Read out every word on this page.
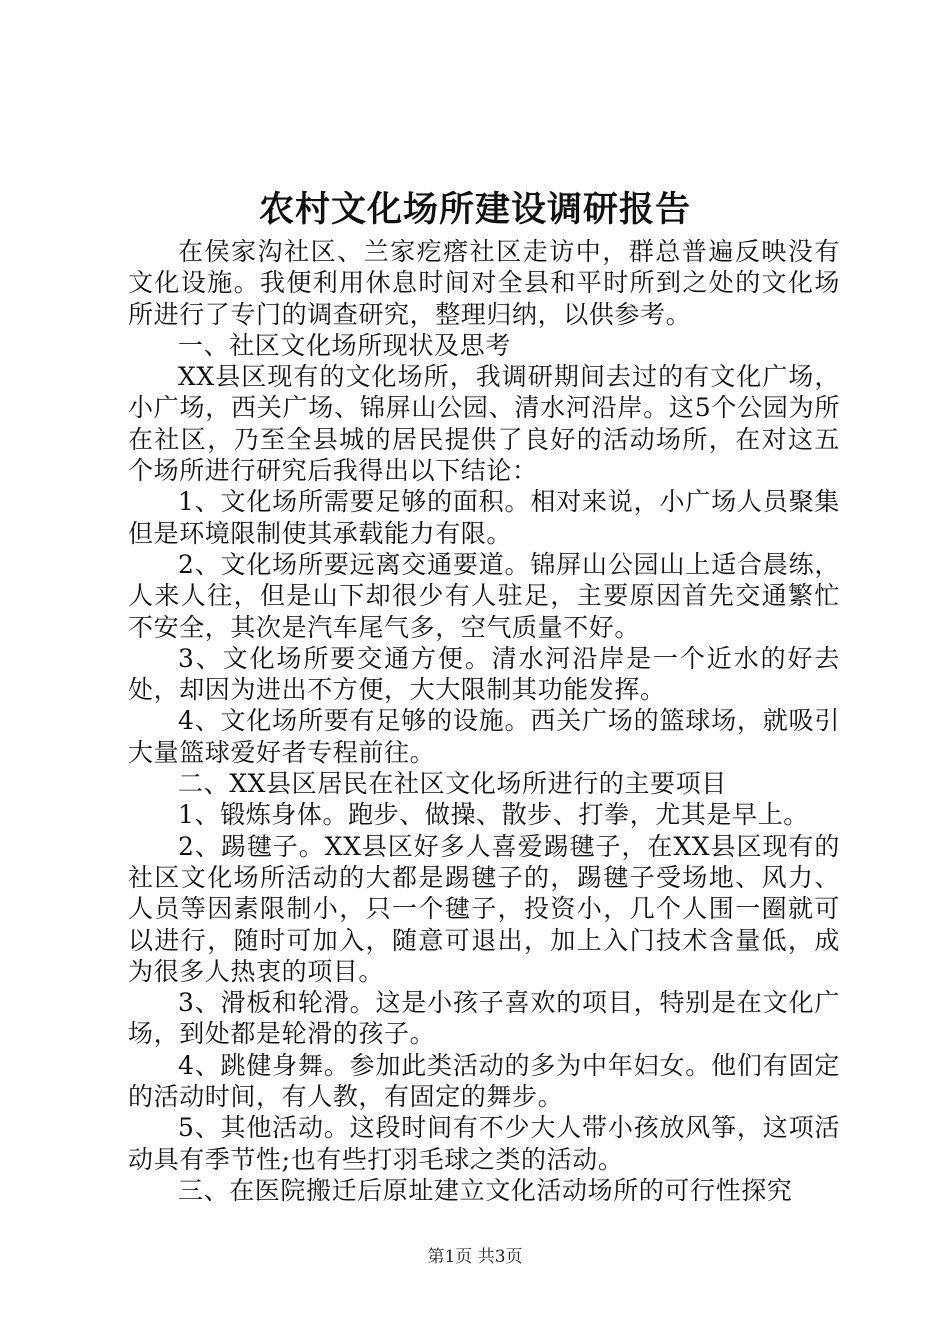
农村文化场所建设调研报告

在侯家沟社区、兰家疙瘩社区走访中，群总普遍反映没有文化设施。我便利用休息时间对全县和平时所到之处的文化场所进行了专门的调查研究，整理归纳，以供参考。

一、社区文化场所现状及思考

XX县区现有的文化场所，我调研期间去过的有文化广场，小广场，西关广场、锦屏山公园、清水河沿岸。这5个公园为所在社区，乃至全县城的居民提供了良好的活动场所，在对这五个场所进行研究后我得出以下结论：

1、文化场所需要足够的面积。相对来说，小广场人员聚集但是环境限制使其承载能力有限。

2、文化场所要远离交通要道。锦屏山公园山上适合晨练，人来人往，但是山下却很少有人驻足，主要原因首先交通繁忙不安全，其次是汽车尾气多，空气质量不好。

3、文化场所要交通方便。清水河沿岸是一个近水的好去处，却因为进出不方便，大大限制其功能发挥。

4、文化场所要有足够的设施。西关广场的篮球场，就吸引大量篮球爱好者专程前往。

二、XX县区居民在社区文化场所进行的主要项目

1、锻炼身体。跑步、做操、散步、打拳，尤其是早上。

2、踢毽子。XX县区好多人喜爱踢毽子，在XX县区现有的社区文化场所活动的大都是踢毽子的，踢毽子受场地、风力、人员等因素限制小，只一个毽子，投资小，几个人围一圈就可以进行，随时可加入，随意可退出，加上入门技术含量低，成为很多人热衷的项目。

3、滑板和轮滑。这是小孩子喜欢的项目，特别是在文化广场，到处都是轮滑的孩子。

4、跳健身舞。参加此类活动的多为中年妇女。他们有固定的活动时间，有人教，有固定的舞步。

5、其他活动。这段时间有不少大人带小孩放风筝，这项活动具有季节性;也有些打羽毛球之类的活动。

三、在医院搬迁后原址建立文化活动场所的可行性探究

第1页 共3页
